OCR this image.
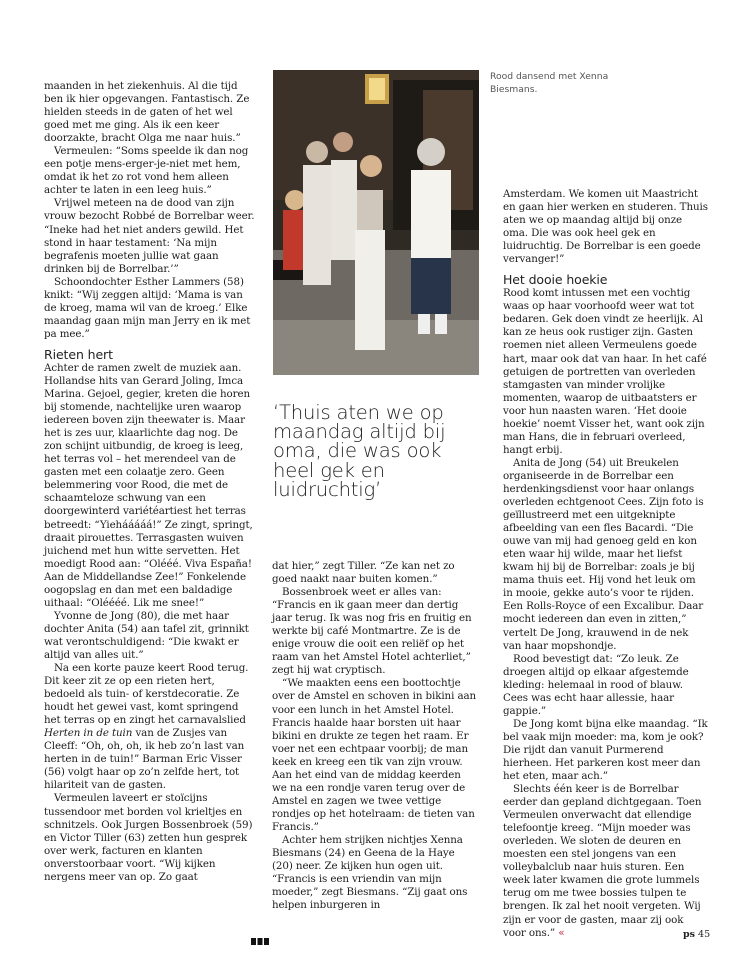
maanden in het ziekenhuis. Al die tijd ben ik hier opgevangen. Fantastisch. Ze hielden steeds in de gaten of het wel goed met me ging. Als ik een keer doorzakte, bracht Olga me naar huis.”

Vermeulen: “Soms speelde ik dan nog een potje mens-erger-je-niet met hem, omdat ik het zo rot vond hem alleen achter te laten in een leeg huis.”

Vrijwel meteen na de dood van zijn vrouw bezocht Robbé de Borrelbar weer. “Ineke had het niet anders gewild. Het stond in haar testament: ‘Na mijn begrafenis moeten jullie wat gaan drinken bij de Borrelbar.’”

Schoondochter Esther Lammers (58) knikt: “Wij zeggen altijd: ‘Mama is van de kroeg, mama wil van de kroeg.’ Elke maandag gaan mijn man Jerry en ik met pa mee.”

Rieten hert

Achter de ramen zwelt de muziek aan. Hollandse hits van Gerard Joling, Imca Marina. Gejoel, gegier, kreten die horen bij stomende, nachtelijke uren waarop iedereen boven zijn theewater is. Maar het is zes uur, klaarlichte dag nog. De zon schijnt uitbundig, de kroeg is leeg, het terras vol – het merendeel van de gasten met een colaatje zero. Geen belemmering voor Rood, die met de schaamteloze schwung van een doorgewinterd variétéartiest het terras betreedt: “Yiehááááá!” Ze zingt, springt, draait pirouettes. Terrasgasten wuiven juichend met hun witte servetten. Het moedigt Rood aan: “Olééé. Viva España! Aan de Middellandse Zee!” Fonkelende oogopslag en dan met een baldadige uithaal: “Oléééé. Lik me snee!”

Yvonne de Jong (80), die met haar dochter Anita (54) aan tafel zit, grinnikt wat verontschuldigend: “Die kwakt er altijd van alles uit.”

Na een korte pauze keert Rood terug. Dit keer zit ze op een rieten hert, bedoeld als tuin- of kerstdecoratie. Ze houdt het gewei vast, komt springend het terras op en zingt het carnavalslied Herten in de tuin van de Zusjes van Cleeff: “Oh, oh, oh, ik heb zo’n last van herten in de tuin!” Barman Eric Visser (56) volgt haar op zo’n zelfde hert, tot hilariteit van de gasten.

Vermeulen laveert er stoïcijns tussendoor met borden vol krieltjes en schnitzels. Ook Jurgen Bossenbroek (59) en Victor Tiller (63) zetten hun gesprek over werk, facturen en klanten onverstoorbaar voort. “Wij kijken nergens meer van op. Zo gaat

Rood dansend met Xenna Biesmans.
‘Thuis aten we op maandag altijd bij oma, die was ook heel gek en luidruchtig’

dat hier,” zegt Tiller. “Ze kan net zo goed naakt naar buiten komen.”

Bossenbroek weet er alles van: “Francis en ik gaan meer dan dertig jaar terug. Ik was nog fris en fruitig en werkte bij café Montmartre. Ze is de enige vrouw die ooit een reliëf op het raam van het Amstel Hotel achterliet,” zegt hij wat cryptisch.

“We maakten eens een boottochtje over de Amstel en schoven in bikini aan voor een lunch in het Amstel Hotel. Francis haalde haar borsten uit haar bikini en drukte ze tegen het raam. Er voer net een echtpaar voorbij; de man keek en kreeg een tik van zijn vrouw. Aan het eind van de middag keerden we na een rondje varen terug over de Amstel en zagen we twee vettige rondjes op het hotelraam: de tieten van Francis.”

Achter hem strijken nichtjes Xenna Biesmans (24) en Geena de la Haye (20) neer. Ze kijken hun ogen uit. “Francis is een vriendin van mijn moeder,” zegt Biesmans. “Zij gaat ons helpen inburgeren in

Amsterdam. We komen uit Maastricht en gaan hier werken en studeren. Thuis aten we op maandag altijd bij onze oma. Die was ook heel gek en luidruchtig. De Borrelbar is een goede vervanger!”

Het dooie hoekie

Rood komt intussen met een vochtig waas op haar voorhoofd weer wat tot bedaren. Gek doen vindt ze heerlijk. Al kan ze heus ook rustiger zijn. Gasten roemen niet alleen Vermeulens goede hart, maar ook dat van haar. In het café getuigen de portretten van overleden stamgasten van minder vrolijke momenten, waarop de uitbaatsters er voor hun naasten waren. ‘Het dooie hoekie’ noemt Visser het, want ook zijn man Hans, die in februari overleed, hangt erbij.

Anita de Jong (54) uit Breukelen organiseerde in de Borrelbar een herdenkingsdienst voor haar onlangs overleden echtgenoot Cees. Zijn foto is geïllustreerd met een uitgeknipte afbeelding van een fles Bacardi. “Die ouwe van mij had genoeg geld en kon eten waar hij wilde, maar het liefst kwam hij bij de Borrelbar: zoals je bij mama thuis eet. Hij vond het leuk om in mooie, gekke auto’s voor te rijden. Een Rolls-Royce of een Excalibur. Daar mocht iedereen dan even in zitten,” vertelt De Jong, krauwend in de nek van haar mopshondje.

Rood bevestigt dat: “Zo leuk. Ze droegen altijd op elkaar afgestemde kleding: helemaal in rood of blauw. Cees was echt haar allessie, haar gappie.”

De Jong komt bijna elke maandag. “Ik bel vaak mijn moeder: ma, kom je ook? Die rijdt dan vanuit Purmerend hierheen. Het parkeren kost meer dan het eten, maar ach.”

Slechts één keer is de Borrelbar eerder dan gepland dichtgegaan. Toen Vermeulen onverwacht dat ellendige telefoontje kreeg. “Mijn moeder was overleden. We sloten de deuren en moesten een stel jongens van een volleybalclub naar huis sturen. Een week later kwamen die grote lummels terug om me twee bossies tulpen te brengen. Ik zal het nooit vergeten. Wij zijn er voor de gasten, maar zij ook voor ons.” «	ps 45
